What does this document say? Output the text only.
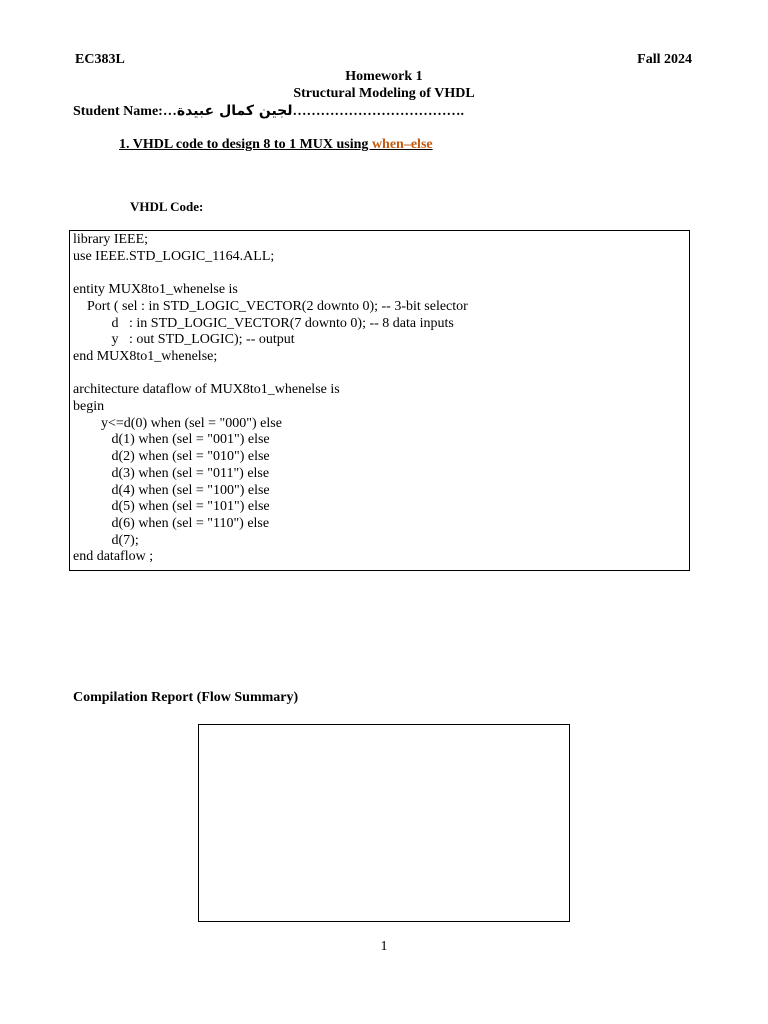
EC383L	Fall 2024
Homework 1
Structural Modeling of VHDL
Student Name:…لجين كمال عبيدة……………………………….
1. VHDL code to design 8 to 1 MUX using when–else
VHDL Code:
library IEEE;
use IEEE.STD_LOGIC_1164.ALL;

entity MUX8to1_whenelse is
Port ( sel : in STD_LOGIC_VECTOR(2 downto 0); -- 3-bit selector
d   : in STD_LOGIC_VECTOR(7 downto 0); -- 8 data inputs
y   : out STD_LOGIC); -- output
end MUX8to1_whenelse;

architecture dataflow of MUX8to1_whenelse is
begin
y<=d(0) when (sel = "000") else
d(1) when (sel = "001") else
d(2) when (sel = "010") else
d(3) when (sel = "011") else
d(4) when (sel = "100") else
d(5) when (sel = "101") else
d(6) when (sel = "110") else
d(7);
end dataflow ;
Compilation Report (Flow Summary)
1
